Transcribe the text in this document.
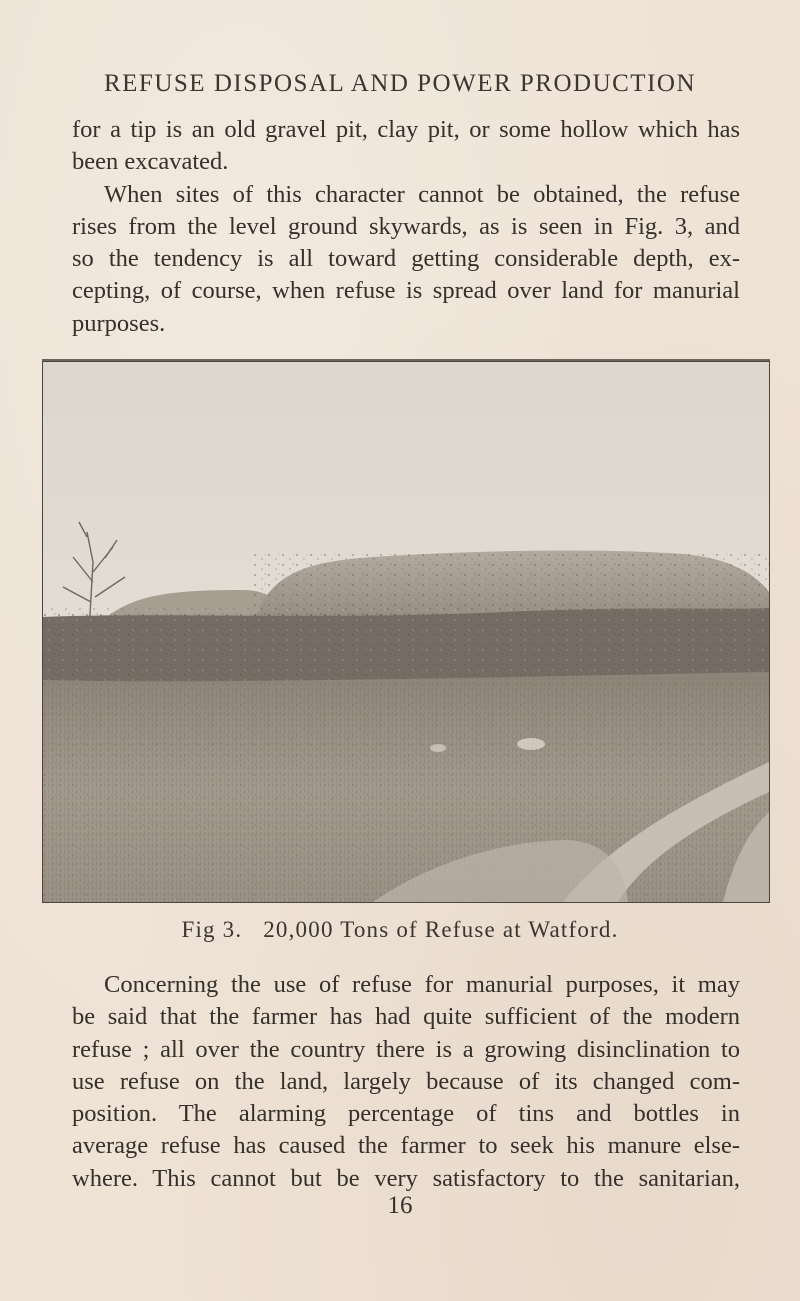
REFUSE DISPOSAL AND POWER PRODUCTION
for a tip is an old gravel pit, clay pit, or some hollow which has
been excavated.
When sites of this character cannot be obtained, the refuse
rises from the level ground skywards, as is seen in Fig. 3, and
so the tendency is all toward getting considerable depth, ex-
cepting, of course, when refuse is spread over land for manurial
purposes.
Fig 3. 20,000 Tons of Refuse at Watford.
Concerning the use of refuse for manurial purposes, it may
be said that the farmer has had quite sufficient of the modern
refuse ; all over the country there is a growing disinclination to
use refuse on the land, largely because of its changed com-
position. The alarming percentage of tins and bottles in
average refuse has caused the farmer to seek his manure else-
where. This cannot but be very satisfactory to the sanitarian,
16
